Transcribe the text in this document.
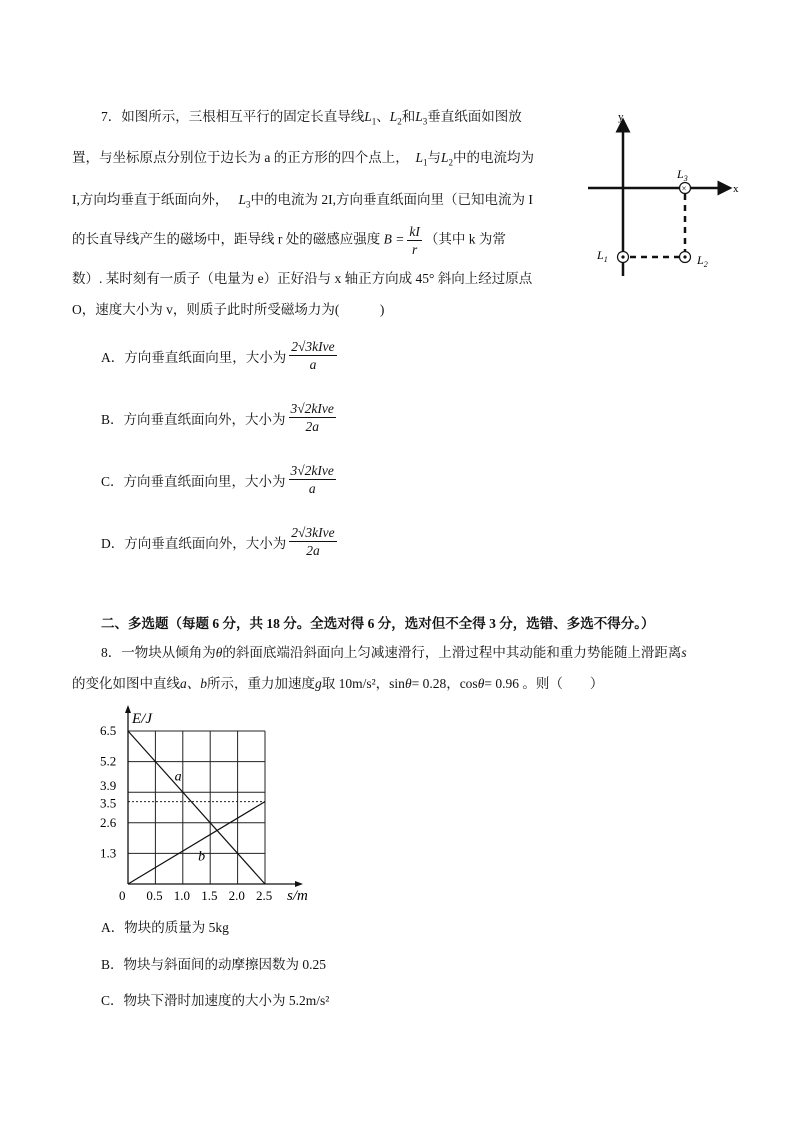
7．如图所示，三根相互平行的固定长直导线$L_1$、$L_2$和$L_3$垂直纸面如图放
置，与坐标原点分别位于边长为 a 的正方形的四个点上， $L_1$与$L_2$中的电流均为
I,方向均垂直于纸面向外， $L_3$中的电流为 2I,方向垂直纸面向里（已知电流为 I
的长直导线产生的磁场中，距导线 r 处的磁感应强度 $B = \frac{kI}{r}$ （其中 k 为常
数）. 某时刻有一质子（电量为 e）正好沿与 x 轴正方向成 45° 斜向上经过原点
O，速度大小为 v，则质子此时所受磁场力为(　　　)
A．方向垂直纸面向里，大小为 $\frac{\text{2√3kIve}}{a}$
B．方向垂直纸面向外，大小为 $\frac{\text{3√2kIve}}{2a}$
C．方向垂直纸面向里，大小为 $\frac{\text{3√2kIve}}{a}$
D．方向垂直纸面向外，大小为 $\frac{\text{2√3kIve}}{2a}$
y
x
×
$L_3$
$L_1$	$L_2$
二、多选题（每题 6 分，共 18 分。全选对得 6 分，选对但不全得 3 分，选错、多选不得分。）
8．一物块从倾角为θ的斜面底端沿斜面向上匀减速滑行，上滑过程中其动能和重力势能随上滑距离s
的变化如图中直线a、b所示，重力加速度g取 10m/s²，sinθ= 0.28，cosθ= 0.96 。则（　　）
a
b
1.3
2.6
3.5
3.9
5.2
6.5
0 0.5 1.0 1.5 2.0 2.5
E/J
s/m
A．物块的质量为 5kg
B．物块与斜面间的动摩擦因数为 0.25
C．物块下滑时加速度的大小为 5.2m/s²
